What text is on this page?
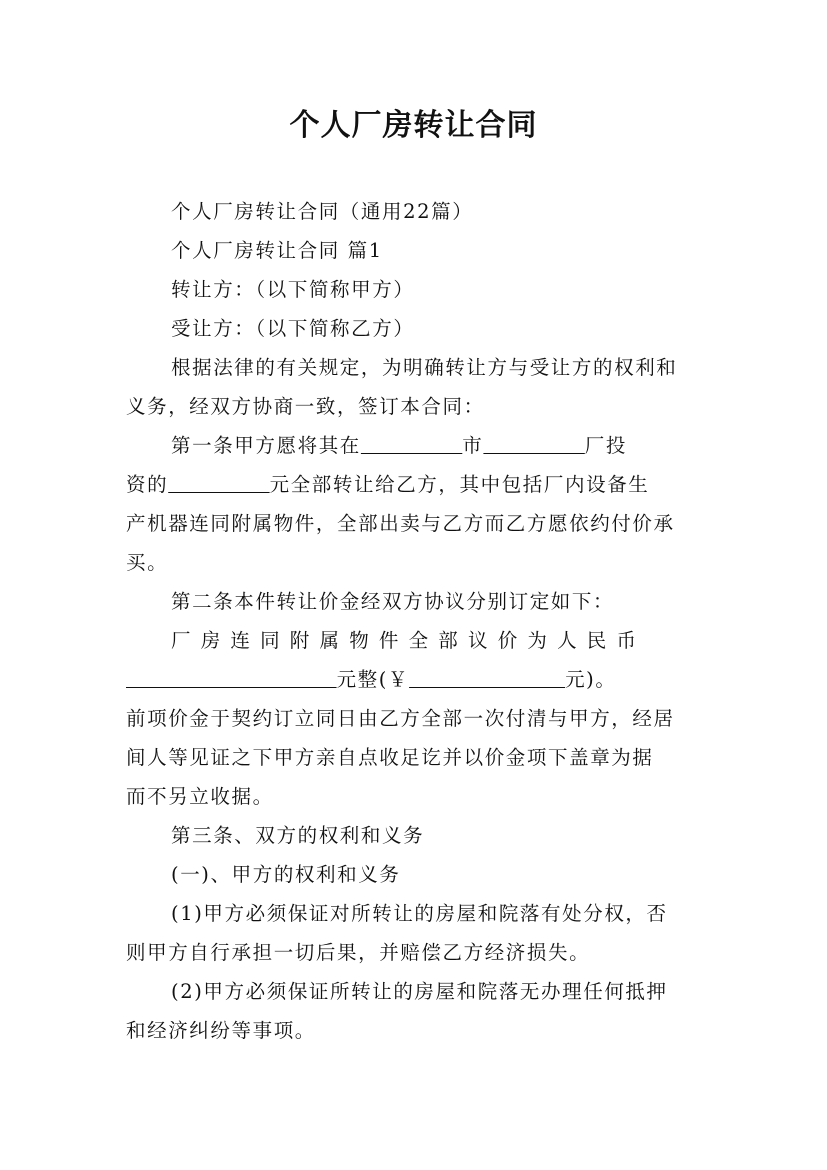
个人厂房转让合同

个人厂房转让合同（通用22篇）

个人厂房转让合同 篇1

转让方：（以下简称甲方）

受让方：（以下简称乙方）

根据法律的有关规定，为明确转让方与受让方的权利和

义务，经双方协商一致，签订本合同：

第一条甲方愿将其在	市	厂投

资的	元全部转让给乙方，其中包括厂内设备生

产机器连同附属物件，全部出卖与乙方而乙方愿依约付价承

买。

第二条本件转让价金经双方协议分别订定如下：

厂房连同附属物件全部议价为人民币

元整(￥	元)。

前项价金于契约订立同日由乙方全部一次付清与甲方，经居

间人等见证之下甲方亲自点收足讫并以价金项下盖章为据

而不另立收据。

第三条、双方的权利和义务

(一)、甲方的权利和义务

(1)甲方必须保证对所转让的房屋和院落有处分权，否

则甲方自行承担一切后果，并赔偿乙方经济损失。

(2)甲方必须保证所转让的房屋和院落无办理任何抵押

和经济纠纷等事项。
